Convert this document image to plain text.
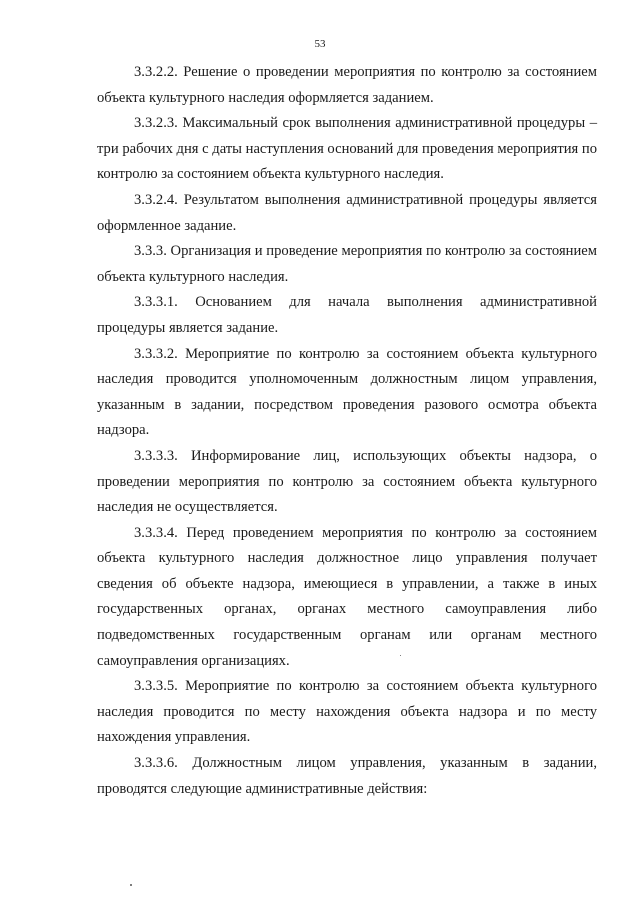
53

3.3.2.2. Решение о проведении мероприятия по контролю за состоянием объекта культурного наследия оформляется заданием.

3.3.2.3. Максимальный срок выполнения административной процедуры – три рабочих дня с даты наступления оснований для проведения мероприятия по контролю за состоянием объекта культурного наследия.

3.3.2.4. Результатом выполнения административной процедуры является оформленное задание.

3.3.3. Организация и проведение мероприятия по контролю за состоянием объекта культурного наследия.

3.3.3.1. Основанием для начала выполнения административной процедуры является задание.

3.3.3.2. Мероприятие по контролю за состоянием объекта культурного наследия проводится уполномоченным должностным лицом управления, указанным в задании, посредством проведения разового осмотра объекта надзора.

3.3.3.3. Информирование лиц, использующих объекты надзора, о проведении мероприятия по контролю за состоянием объекта культурного наследия не осуществляется.

3.3.3.4. Перед проведением мероприятия по контролю за состоянием объекта культурного наследия должностное лицо управления получает сведения об объекте надзора, имеющиеся в управлении, а также в иных государственных органах, органах местного самоуправления либо подведомственных государственным органам или органам местного самоуправления организациях.

3.3.3.5. Мероприятие по контролю за состоянием объекта культурного наследия проводится по месту нахождения объекта надзора и по месту нахождения управления.

3.3.3.6. Должностным лицом управления, указанным в задании, проводятся следующие административные действия:
